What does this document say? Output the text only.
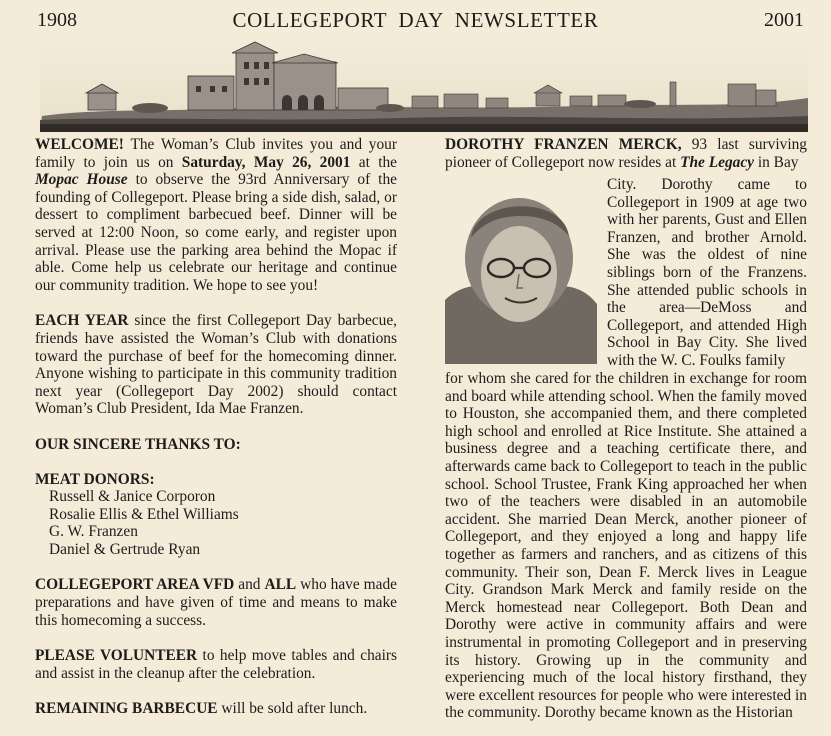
1908	COLLEGEPORT  DAY  NEWSLETTER	2001

WELCOME! The Woman’s Club invites you and your family to join us on Saturday, May 26, 2001 at the Mopac House to observe the 93rd Anniversary of the founding of Collegeport. Please bring a side dish, salad, or dessert to compliment barbecued beef. Dinner will be served at 12:00 Noon, so come early, and register upon arrival. Please use the parking area behind the Mopac if able. Come help us celebrate our heritage and continue our community tradition. We hope to see you!

EACH YEAR since the first Collegeport Day barbecue, friends have assisted the Woman’s Club with donations toward the purchase of beef for the homecoming dinner. Anyone wishing to participate in this community tradition next year (Collegeport Day 2002) should contact Woman’s Club President, Ida Mae Franzen.

OUR SINCERE THANKS TO:

MEAT DONORS:

Russell & Janice Corporon
Rosalie Ellis & Ethel Williams
G. W. Franzen
Daniel & Gertrude Ryan

COLLEGEPORT AREA VFD and ALL who have made preparations and have given of time and means to make this homecoming a success.

PLEASE VOLUNTEER to help move tables and chairs and assist in the cleanup after the celebration.

REMAINING BARBECUE will be sold after lunch.

DOROTHY FRANZEN MERCK, 93 last surviving pioneer of Collegeport now resides at The Legacy in Bay

City. Dorothy came to Collegeport in 1909 at age two with her parents, Gust and Ellen Franzen, and brother Arnold. She was the oldest of nine siblings born of the Franzens. She attended public schools in the area—DeMoss and Collegeport, and attended High School in Bay City. She lived with the W. C. Foulks family

for whom she cared for the children in exchange for room and board while attending school. When the family moved to Houston, she accompanied them, and there completed high school and enrolled at Rice Institute. She attained a business degree and a teaching certificate there, and afterwards came back to Collegeport to teach in the public school. School Trustee, Frank King approached her when two of the teachers were disabled in an automobile accident. She married Dean Merck, another pioneer of Collegeport, and they enjoyed a long and happy life together as farmers and ranchers, and as citizens of this community. Their son, Dean F. Merck lives in League City. Grandson Mark Merck and family reside on the Merck homestead near Collegeport. Both Dean and Dorothy were active in community affairs and were instrumental in promoting Collegeport and in preserving its history. Growing up in the community and experiencing much of the local history firsthand, they were excellent resources for people who were interested in the community. Dorothy became known as the Historian
